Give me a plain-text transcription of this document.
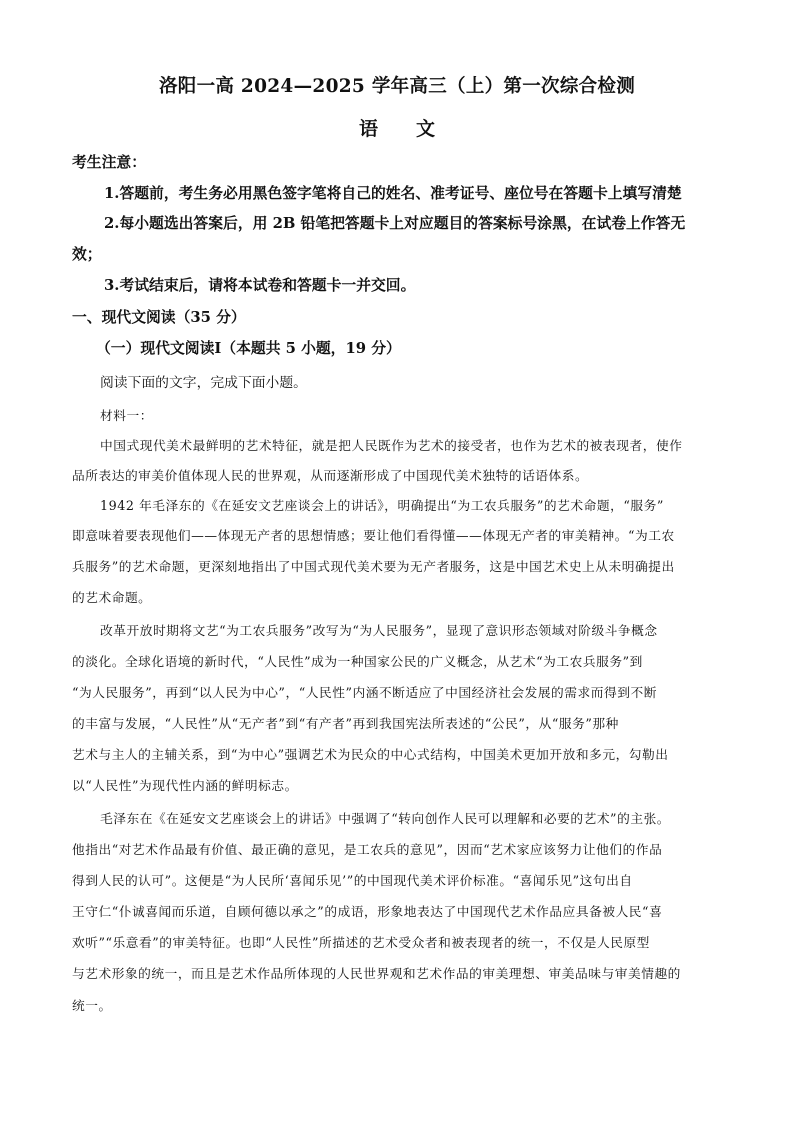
洛阳一高 2024—2025 学年高三（上）第一次综合检测
语　　文
考生注意：
1.答题前，考生务必用黑色签字笔将自己的姓名、准考证号、座位号在答题卡上填写清楚
2.每小题选出答案后，用 2B 铅笔把答题卡上对应题目的答案标号涂黑，在试卷上作答无
效；
3.考试结束后，请将本试卷和答题卡一并交回。
一、现代文阅读（35 分）
（一）现代文阅读Ⅰ（本题共 5 小题，19 分）
阅读下面的文字，完成下面小题。
材料一：
中国式现代美术最鲜明的艺术特征，就是把人民既作为艺术的接受者，也作为艺术的被表现者，使作
品所表达的审美价值体现人民的世界观，从而逐渐形成了中国现代美术独特的话语体系。
1942 年毛泽东的《在延安文艺座谈会上的讲话》，明确提出“为工农兵服务”的艺术命题，“服务”
即意味着要表现他们——体现无产者的思想情感；要让他们看得懂——体现无产者的审美精神。“为工农
兵服务”的艺术命题，更深刻地指出了中国式现代美术要为无产者服务，这是中国艺术史上从未明确提出
的艺术命题。
改革开放时期将文艺“为工农兵服务”改写为“为人民服务”，显现了意识形态领域对阶级斗争概念
的淡化。全球化语境的新时代，“人民性”成为一种国家公民的广义概念，从艺术“为工农兵服务”到
“为人民服务”，再到“以人民为中心”，“人民性”内涵不断适应了中国经济社会发展的需求而得到不断
的丰富与发展，“人民性”从“无产者”到“有产者”再到我国宪法所表述的“公民”，从“服务”那种
艺术与主人的主辅关系，到“为中心”强调艺术为民众的中心式结构，中国美术更加开放和多元，勾勒出
以“人民性”为现代性内涵的鲜明标志。
毛泽东在《在延安文艺座谈会上的讲话》中强调了“转向创作人民可以理解和必要的艺术”的主张。
他指出“对艺术作品最有价值、最正确的意见，是工农兵的意见”，因而“艺术家应该努力让他们的作品
得到人民的认可”。这便是“为人民所‘喜闻乐见’”的中国现代美术评价标准。“喜闻乐见”这句出自
王守仁“仆诚喜闻而乐道，自顾何德以承之”的成语，形象地表达了中国现代艺术作品应具备被人民“喜
欢听”“乐意看”的审美特征。也即“人民性”所描述的艺术受众者和被表现者的统一，不仅是人民原型
与艺术形象的统一，而且是艺术作品所体现的人民世界观和艺术作品的审美理想、审美品味与审美情趣的
统一。
